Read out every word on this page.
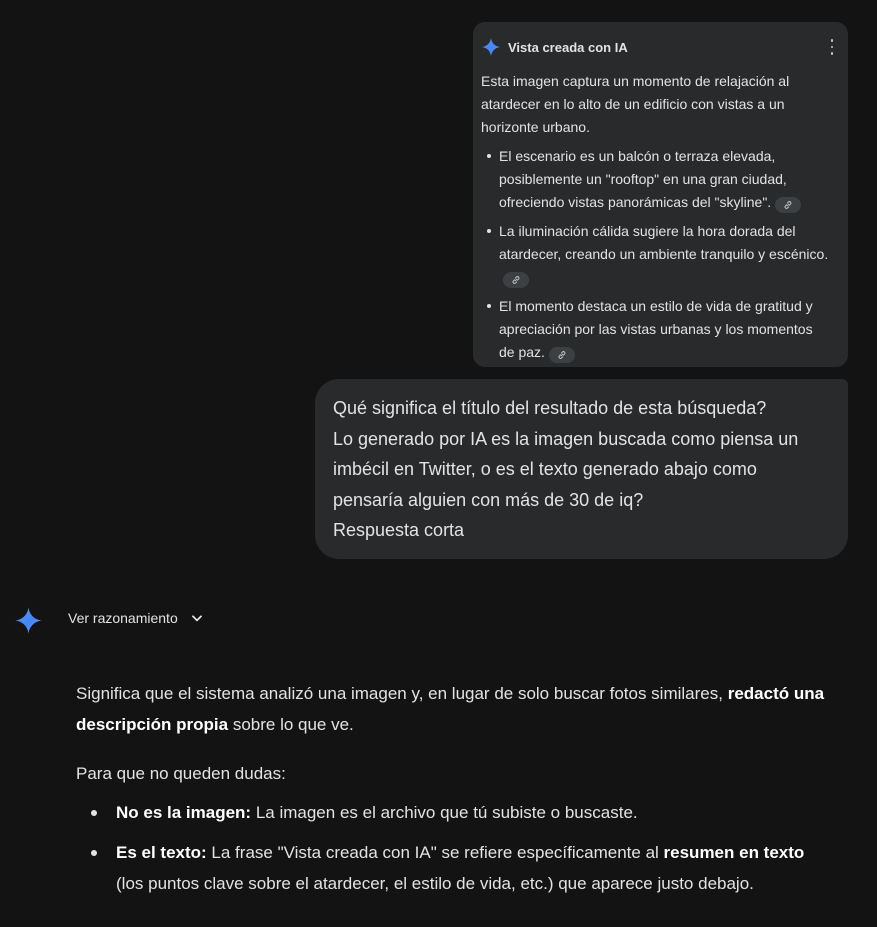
Vista creada con IA

Esta imagen captura un momento de relajación al atardecer en lo alto de un edificio con vistas a un horizonte urbano.

El escenario es un balcón o terraza elevada, posiblemente un "rooftop" en una gran ciudad, ofreciendo vistas panorámicas del "skyline".
La iluminación cálida sugiere la hora dorada del atardecer, creando un ambiente tranquilo y escénico.
El momento destaca un estilo de vida de gratitud y apreciación por las vistas urbanas y los momentos de paz.

Qué significa el título del resultado de esta búsqueda?

Lo generado por IA es la imagen buscada como piensa un

imbécil en Twitter, o es el texto generado abajo como

pensaría alguien con más de 30 de iq?

Respuesta corta

Ver razonamiento

Significa que el sistema analizó una imagen y, en lugar de solo buscar fotos similares, redactó una descripción propia sobre lo que ve.

Para que no queden dudas:

No es la imagen: La imagen es el archivo que tú subiste o buscaste.
Es el texto: La frase "Vista creada con IA" se refiere específicamente al resumen en texto (los puntos clave sobre el atardecer, el estilo de vida, etc.) que aparece justo debajo.
